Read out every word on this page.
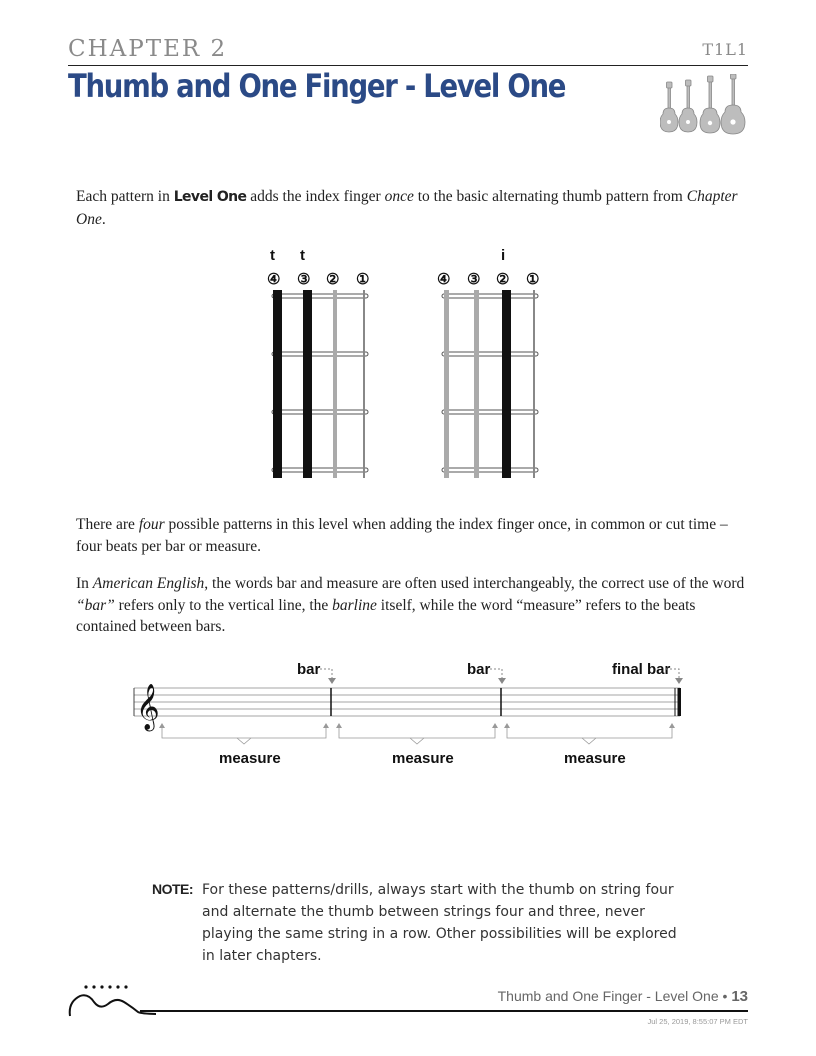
CHAPTER 2	T1L1
Thumb and One Finger - Level One
Each pattern in Level One adds the index finger once to the basic alternating thumb pattern from Chapter One.
t t
④ ③ ② ①
i
④ ③ ② ①
There are four possible patterns in this level when adding the index finger once, in common or cut time – four beats per bar or measure.
In American English, the words bar and measure are often used interchangeably, the correct use of the word “bar” refers only to the vertical line, the barline itself, while the word “measure” refers to the beats contained between bars.
𝄞
bar	bar	final bar
measure	measure	measure
NOTE: For these patterns/drills, always start with the thumb on string four and alternate the thumb between strings four and three, never playing the same string in a row. Other possibilities will be explored in later chapters.
Thumb and One Finger - Level One • 13
Jul 25, 2019, 8:55:07 PM EDT
